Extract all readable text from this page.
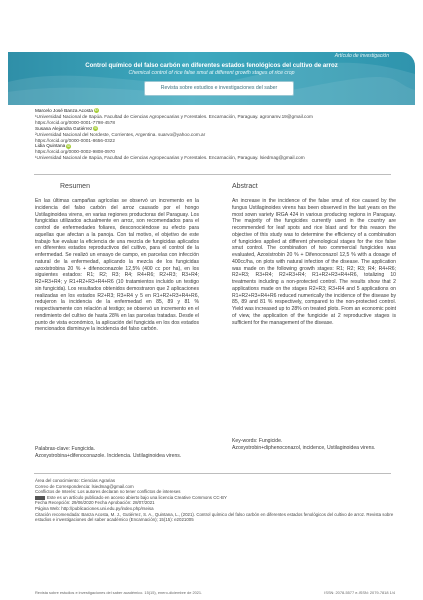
Artículo de investigación
Control químico del falso carbón en diferentes estados fenológicos del cultivo de arroz
Chemical control of rice false smut at different growth stages of rice crop
Revista sobre estudios e investigaciones del saber
Marcelo José Banza Acosta iD
¹Universidad Nacional de Itapúa. Facultad de Ciencias Agropecuarias y Forestales. Encarnación, Paraguay. agronamv.19@gmail.com
https://orcid.org/0000-0001-7798-4578
Susana Alejandra Gutiérrez iD
²Universidad Nacional del Nordeste, Corrientes, Argentina. suarvo@yahoo.com.ar
https://orcid.org/0000-0001-8656-0322
Lidia Quintana iD
https://orcid.org/0000-0002-9808-0970
¹Universidad Nacional de Itapúa, Facultad de Ciencias Agropecuarias y Forestales. Encarnación, Paraguay. lsiedmag@gmail.com
Resumen
En las últimas campañas agrícolas se observó un incremento en la incidencia del falso carbón del arroz causado por el hongo Ustilaginoidea virens, en varias regiones productoras del Paraguay. Los fungicidas utilizados actualmente en arroz, son recomendados para el control de enfermedades foliares, desconociéndose su efecto para aquellas que afectan a la panoja. Con tal motivo, el objetivo de este trabajo fue evaluar la eficiencia de una mezcla de fungicidas aplicados en diferentes estados reproductivos del cultivo, para el control de la enfermedad. Se realizó un ensayo de campo, en parcelas con infección natural de la enfermedad, aplicando la mezcla de los fungicidas azoxistrobina 20 % + difenoconazole 12,5% (400 cc por ha), en los siguientes estados: R1; R2; R3; R4; R4+R6; R2+R3; R3+R4; R2+R3+R4; y R1+R2+R3+R4+R6 (10 tratamientos incluido un testigo sin fungicida). Los resultados obtenidos demostraron que 2 aplicaciones realizadas en los estados R2+R3; R3+R4 y 5 en R1+R2+R3+R4+R6, redujeron la incidencia de la enfermedad en 85, 89 y 81 % respectivamente con relación al testigo; se observó un incremento en el rendimiento del cultivo de hasta 28% en las parcelas tratadas. Desde el punto de vista económico, la aplicación del fungicida en los dos estados mencionados disminuye la incidencia del falso carbón.
Palabras-clave: Fungicida.
Azoxystrobina+difenoconazole. Incidencia. Ustilaginoidea virens.
Abstract
An increase in the incidence of the false smut of rice caused by the fungus Ustilaginoides virens has been observed in the last years on the most sown variety IRGA 424 in various producing regions in Paraguay. The majority of the fungicides currently used in the country are recommended for leaf spots and rice blast and for this reason the objective of this study was to determine the efficiency of a combination of fungicides applied at different phenological stages for the rice false smut control. The combination of two commercial fungicides was evaluated, Azoxistrobin 20 % + Difenoconazol 12,5 % with a dosage of 400cc/ha, on plots with natural infection of the disease. The application was made on the following growth stages: R1; R2; R3; R4; R4+R6; R2+R3; R3+R4; R2+R3+R4; R1+R2+R3+R4+R6, totalizing 10 treatments including a non-protected control. The results show that 2 applications made on the stages R2+R3; R3+R4 and 5 applications on R1+R2+R3+R4+R6 reduced numerically the incidence of the disease by 85, 89 and 81 % respectively, compared to the non-protected control. Yield was increased up to 28% on treated plots. From an economic point of view, the application of the fungicide at 2 reproductive stages is sufficient for the management of the disease.
Key-words: Fungicide.
Azoxystrobin+diphenoconazol, incidence, Ustilaginoidea virens.
Área del conocimiento: Ciencias Agrarias
Correo de Correspondencia: lsiedmag@gmail.com
Conflictos de Interés: Los autores declaran no tener conflictos de intereses
Este es un artículo publicado en acceso abierto bajo una licencia Creative Commons CC-BY
Fecha Recepción: 29/06/2020 Fecha Aprobación: 28/07/2021
Página Web: http://publicaciones.uni.edu.py/index.php/rseisa
Citación recomendada: Banza Acosta, M. J., Gutiérrez, S. A., Quintana, L., (2021). Control químico del falso carbón en diferentes estados fenológicos del cultivo de arroz. Revista sobre estudios e investigaciones del saber académico (Encarnación); 15(15): e2021005
Revista sobre estudios e investigaciones del saber académico. 15(15), enero-diciembre de 2021.	ISSN: 2078-5577 e-ISSN: 2079-7818 1/4
